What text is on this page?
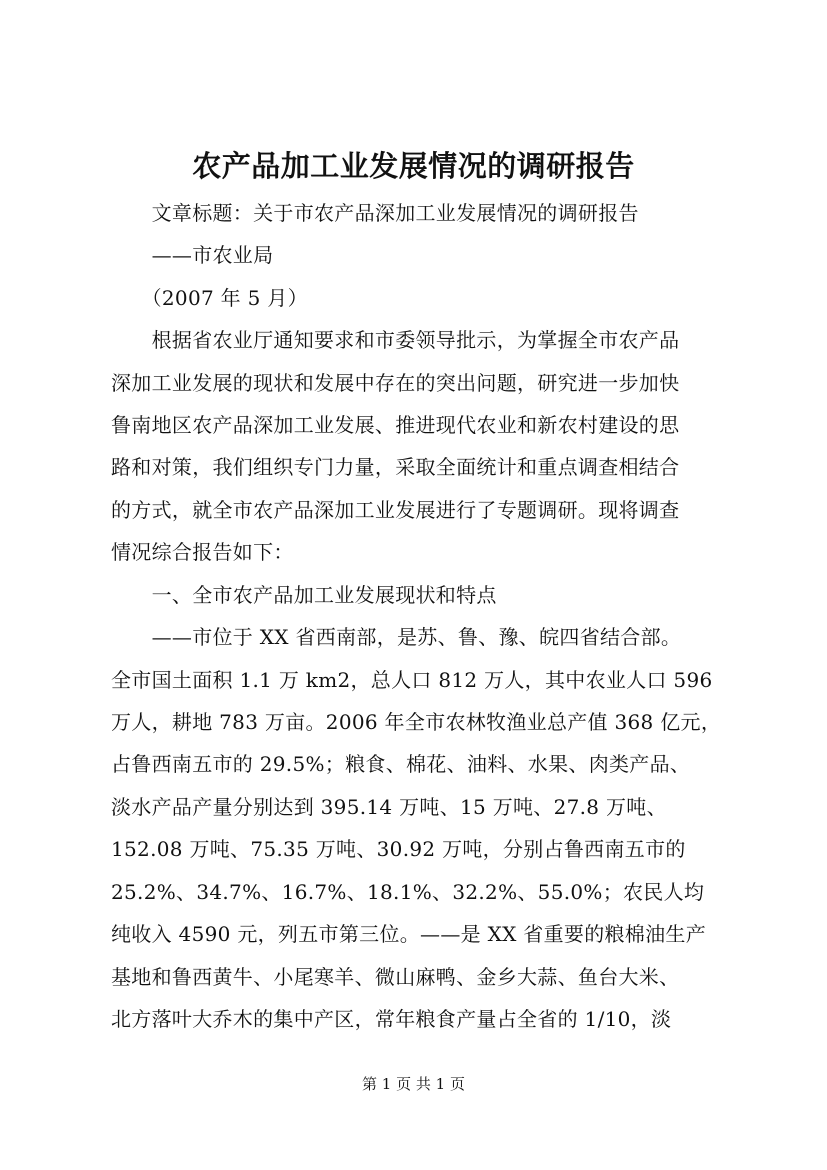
农产品加工业发展情况的调研报告
　　文章标题：关于市农产品深加工业发展情况的调研报告
　　——市农业局
　　（2007 年 5 月）
　　根据省农业厅通知要求和市委领导批示，为掌握全市农产品
深加工业发展的现状和发展中存在的突出问题，研究进一步加快
鲁南地区农产品深加工业发展、推进现代农业和新农村建设的思
路和对策，我们组织专门力量，采取全面统计和重点调查相结合
的方式，就全市农产品深加工业发展进行了专题调研。现将调查
情况综合报告如下：
　　一、全市农产品加工业发展现状和特点
　　——市位于 XX 省西南部，是苏、鲁、豫、皖四省结合部。
全市国土面积 1.1 万 km2，总人口 812 万人，其中农业人口 596
万人，耕地 783 万亩。2006 年全市农林牧渔业总产值 368 亿元，
占鲁西南五市的 29.5%；粮食、棉花、油料、水果、肉类产品、
淡水产品产量分别达到 395.14 万吨、15 万吨、27.8 万吨、
152.08 万吨、75.35 万吨、30.92 万吨，分别占鲁西南五市的
25.2%、34.7%、16.7%、18.1%、32.2%、55.0%；农民人均
纯收入 4590 元，列五市第三位。——是 XX 省重要的粮棉油生产
基地和鲁西黄牛、小尾寒羊、微山麻鸭、金乡大蒜、鱼台大米、
北方落叶大乔木的集中产区，常年粮食产量占全省的 1/10，淡
第 1 页 共 1 页
